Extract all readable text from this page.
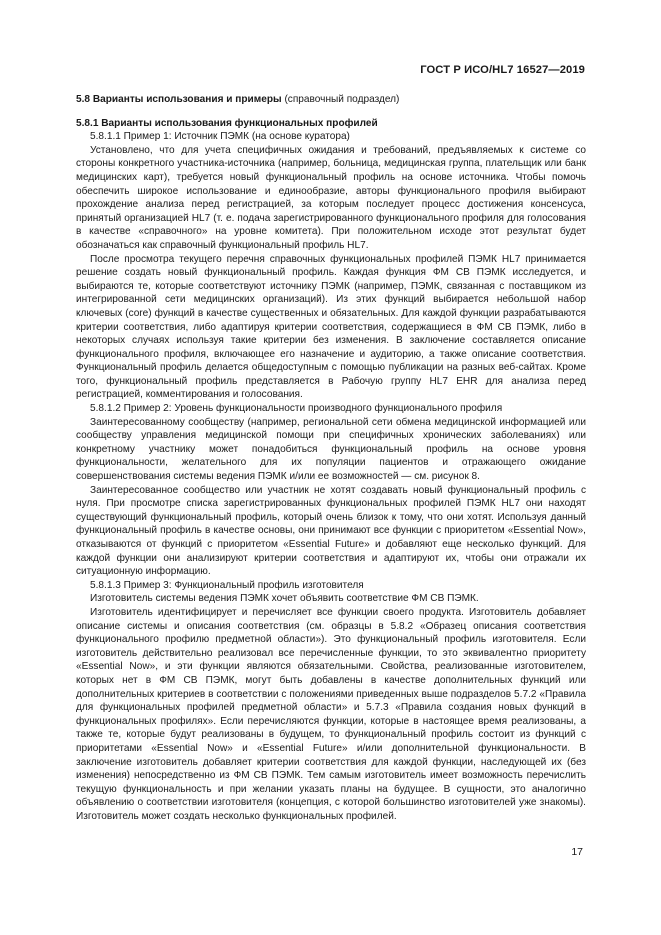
ГОСТ Р ИСО/HL7 16527—2019

5.8 Варианты использования и примеры (справочный подраздел)

5.8.1 Варианты использования функциональных профилей

5.8.1.1 Пример 1: Источник ПЭМК (на основе куратора)

Установлено, что для учета специфичных ожидания и требований, предъявляемых к системе со стороны конкретного участника-источника (например, больница, медицинская группа, плательщик или банк медицинских карт), требуется новый функциональный профиль на основе источника. Чтобы помочь обеспечить широкое использование и единообразие, авторы функционального профиля выбирают прохождение анализа перед регистрацией, за которым последует процесс достижения консенсуса, принятый организацией HL7 (т. е. подача зарегистрированного функционального профиля для голосования в качестве «справочного» на уровне комитета). При положительном исходе этот результат будет обозначаться как справочный функциональный профиль HL7.

После просмотра текущего перечня справочных функциональных профилей ПЭМК HL7 принимается решение создать новый функциональный профиль. Каждая функция ФМ СВ ПЭМК исследуется, и выбираются те, которые соответствуют источнику ПЭМК (например, ПЭМК, связанная с поставщиком из интегрированной сети медицинских организаций). Из этих функций выбирается небольшой набор ключевых (core) функций в качестве существенных и обязательных. Для каждой функции разрабатываются критерии соответствия, либо адаптируя критерии соответствия, содержащиеся в ФМ СВ ПЭМК, либо в некоторых случаях используя такие критерии без изменения. В заключение составляется описание функционального профиля, включающее его назначение и аудиторию, а также описание соответствия. Функциональный профиль делается общедоступным с помощью публикации на разных веб-сайтах. Кроме того, функциональный профиль представляется в Рабочую группу HL7 EHR для анализа перед регистрацией, комментирования и голосования.

5.8.1.2 Пример 2: Уровень функциональности производного функционального профиля

Заинтересованному сообществу (например, региональной сети обмена медицинской информацией или сообществу управления медицинской помощи при специфичных хронических заболеваниях) или конкретному участнику может понадобиться функциональный профиль на основе уровня функциональности, желательного для их популяции пациентов и отражающего ожидание совершенствования системы ведения ПЭМК и/или ее возможностей — см. рисунок 8.

Заинтересованное сообщество или участник не хотят создавать новый функциональный профиль с нуля. При просмотре списка зарегистрированных функциональных профилей ПЭМК HL7 они находят существующий функциональный профиль, который очень близок к тому, что они хотят. Используя данный функциональный профиль в качестве основы, они принимают все функции с приоритетом «Essential Now», отказываются от функций с приоритетом «Essential Future» и добавляют еще несколько функций. Для каждой функции они анализируют критерии соответствия и адаптируют их, чтобы они отражали их ситуационную информацию.

5.8.1.3 Пример 3: Функциональный профиль изготовителя

Изготовитель системы ведения ПЭМК хочет объявить соответствие ФМ СВ ПЭМК.

Изготовитель идентифицирует и перечисляет все функции своего продукта. Изготовитель добавляет описание системы и описания соответствия (см. образцы в 5.8.2 «Образец описания соответствия функционального профилю предметной области»). Это функциональный профиль изготовителя. Если изготовитель действительно реализовал все перечисленные функции, то это эквивалентно приоритету «Essential Now», и эти функции являются обязательными. Свойства, реализованные изготовителем, которых нет в ФМ СВ ПЭМК, могут быть добавлены в качестве дополнительных функций или дополнительных критериев в соответствии с положениями приведенных выше подразделов 5.7.2 «Правила для функциональных профилей предметной области» и 5.7.3 «Правила создания новых функций в функциональных профилях». Если перечисляются функции, которые в настоящее время реализованы, а также те, которые будут реализованы в будущем, то функциональный профиль состоит из функций с приоритетами «Essential Now» и «Essential Future» и/или дополнительной функциональности. В заключение изготовитель добавляет критерии соответствия для каждой функции, наследующей их (без изменения) непосредственно из ФМ СВ ПЭМК. Тем самым изготовитель имеет возможность перечислить текущую функциональность и при желании указать планы на будущее. В сущности, это аналогично объявлению о соответствии изготовителя (концепция, с которой большинство изготовителей уже знакомы). Изготовитель может создать несколько функциональных профилей.

17
